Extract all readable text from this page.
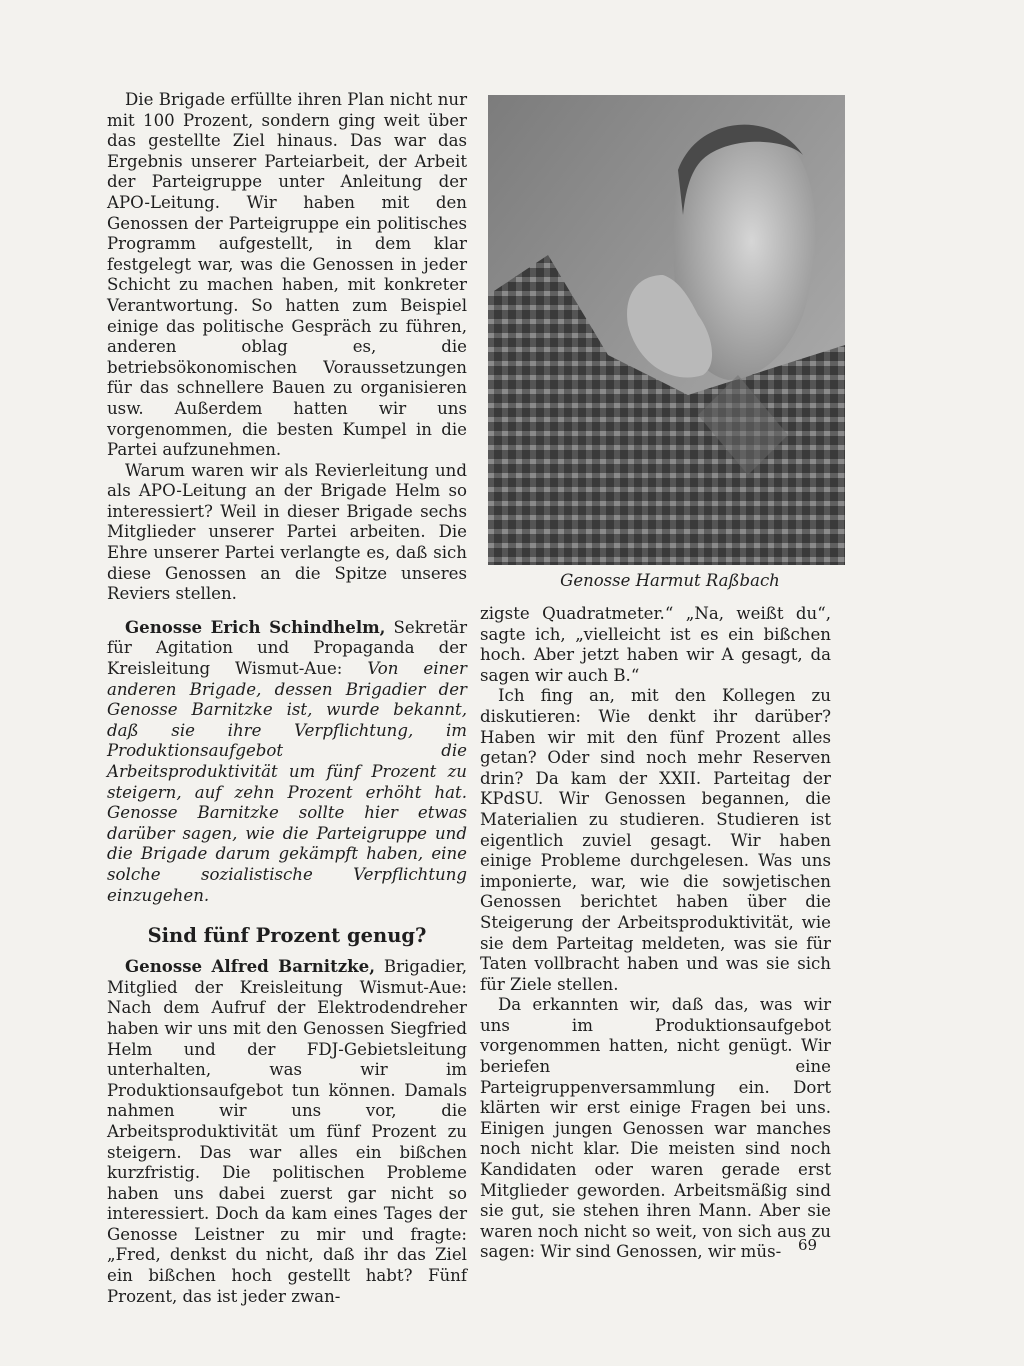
Die Brigade erfüllte ihren Plan nicht nur mit 100 Prozent, sondern ging weit über das gestellte Ziel hinaus. Das war das Ergebnis unserer Parteiarbeit, der Arbeit der Parteigruppe unter Anleitung der APO-Leitung. Wir haben mit den Genossen der Parteigruppe ein politisches Programm aufgestellt, in dem klar festgelegt war, was die Genossen in jeder Schicht zu machen haben, mit konkreter Verantwortung. So hatten zum Beispiel einige das politische Gespräch zu führen, anderen oblag es, die betriebsökonomischen Voraussetzungen für das schnellere Bauen zu organisieren usw. Außerdem hatten wir uns vorgenommen, die besten Kumpel in die Partei aufzunehmen.

Warum waren wir als Revierleitung und als APO-Leitung an der Brigade Helm so interessiert? Weil in dieser Brigade sechs Mitglieder unserer Partei arbeiten. Die Ehre unserer Partei verlangte es, daß sich diese Genossen an die Spitze unseres Reviers stellen.

Genosse Erich Schindhelm, Sekretär für Agitation und Propaganda der Kreisleitung Wismut-Aue: Von einer anderen Brigade, dessen Brigadier der Genosse Barnitzke ist, wurde bekannt, daß sie ihre Verpflichtung, im Produktionsaufgebot die Arbeitsproduktivität um fünf Prozent zu steigern, auf zehn Prozent erhöht hat. Genosse Barnitzke sollte hier etwas darüber sagen, wie die Parteigruppe und die Brigade darum gekämpft haben, eine solche sozialistische Verpflichtung einzugehen.

Sind fünf Prozent genug?

Genosse Alfred Barnitzke, Brigadier, Mitglied der Kreisleitung Wismut-Aue: Nach dem Aufruf der Elektrodendreher haben wir uns mit den Genossen Siegfried Helm und der FDJ-Gebietsleitung unterhalten, was wir im Produktionsaufgebot tun können. Damals nahmen wir uns vor, die Arbeitsproduktivität um fünf Prozent zu steigern. Das war alles ein bißchen kurzfristig. Die politischen Probleme haben uns dabei zuerst gar nicht so interessiert. Doch da kam eines Tages der Genosse Leistner zu mir und fragte: „Fred, denkst du nicht, daß ihr das Ziel ein bißchen hoch gestellt habt? Fünf Prozent, das ist jeder zwan-

Genosse Harmut Raßbach

zigste Quadratmeter.“ „Na, weißt du“, sagte ich, „vielleicht ist es ein bißchen hoch. Aber jetzt haben wir A gesagt, da sagen wir auch B.“

Ich fing an, mit den Kollegen zu diskutieren: Wie denkt ihr darüber? Haben wir mit den fünf Prozent alles getan? Oder sind noch mehr Reserven drin? Da kam der XXII. Parteitag der KPdSU. Wir Genossen begannen, die Materialien zu studieren. Studieren ist eigentlich zuviel gesagt. Wir haben einige Probleme durchgelesen. Was uns imponierte, war, wie die sowjetischen Genossen berichtet haben über die Steigerung der Arbeitsproduktivität, wie sie dem Parteitag meldeten, was sie für Taten vollbracht haben und was sie sich für Ziele stellen.

Da erkannten wir, daß das, was wir uns im Produktionsaufgebot vorgenommen hatten, nicht genügt. Wir beriefen eine Parteigruppenversammlung ein. Dort klärten wir erst einige Fragen bei uns. Einigen jungen Genossen war manches noch nicht klar. Die meisten sind noch Kandidaten oder waren gerade erst Mitglieder geworden. Arbeitsmäßig sind sie gut, sie stehen ihren Mann. Aber sie waren noch nicht so weit, von sich aus zu sagen: Wir sind Genossen, wir müs-	69
